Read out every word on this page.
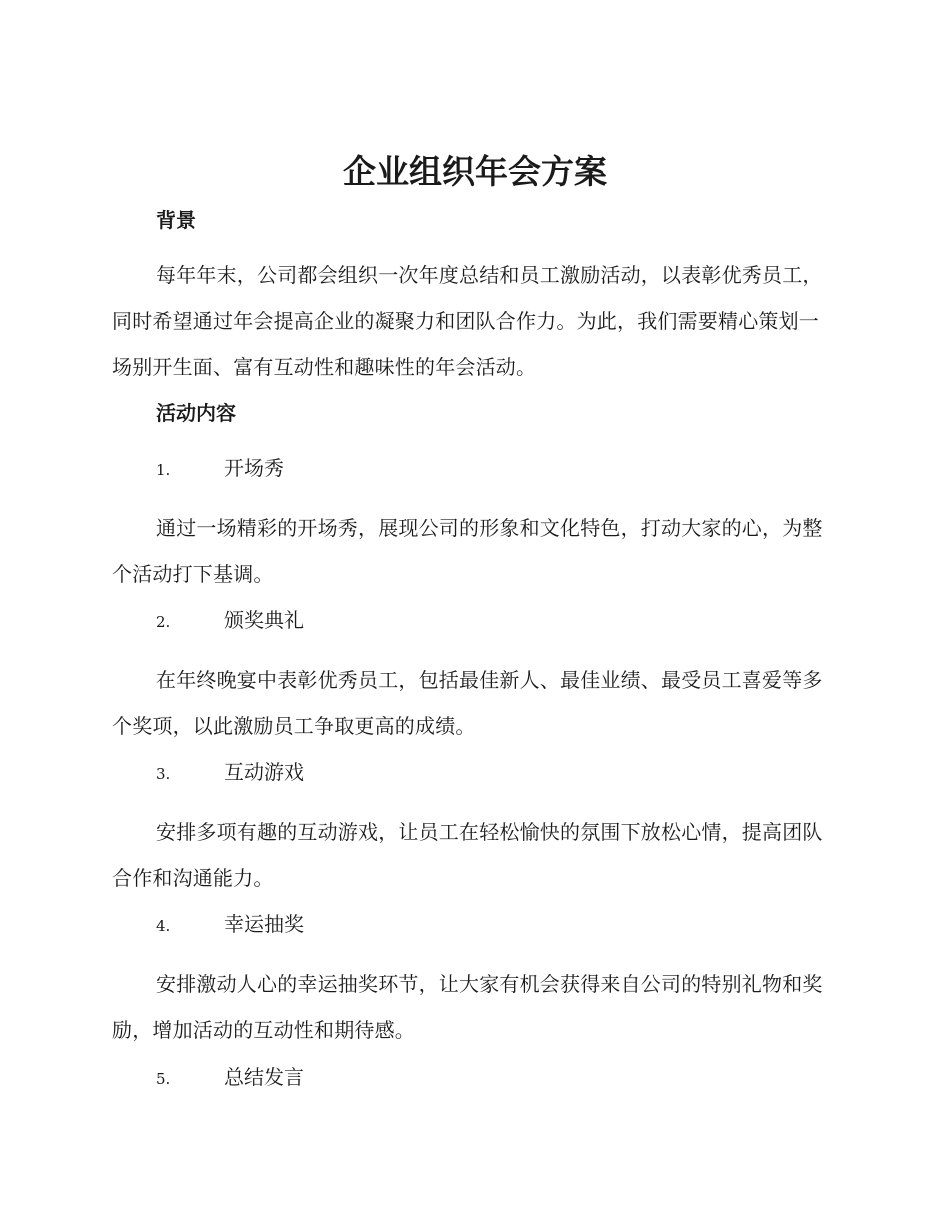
企业组织年会方案
背景

每年年末，公司都会组织一次年度总结和员工激励活动，以表彰优秀员工，同时希望通过年会提高企业的凝聚力和团队合作力。为此，我们需要精心策划一场别开生面、富有互动性和趣味性的年会活动。

活动内容
1.	开场秀

通过一场精彩的开场秀，展现公司的形象和文化特色，打动大家的心，为整个活动打下基调。

2.	颁奖典礼

在年终晚宴中表彰优秀员工，包括最佳新人、最佳业绩、最受员工喜爱等多个奖项，以此激励员工争取更高的成绩。

3.	互动游戏

安排多项有趣的互动游戏，让员工在轻松愉快的氛围下放松心情，提高团队合作和沟通能力。

4.	幸运抽奖

安排激动人心的幸运抽奖环节，让大家有机会获得来自公司的特别礼物和奖励，增加活动的互动性和期待感。

5.	总结发言
